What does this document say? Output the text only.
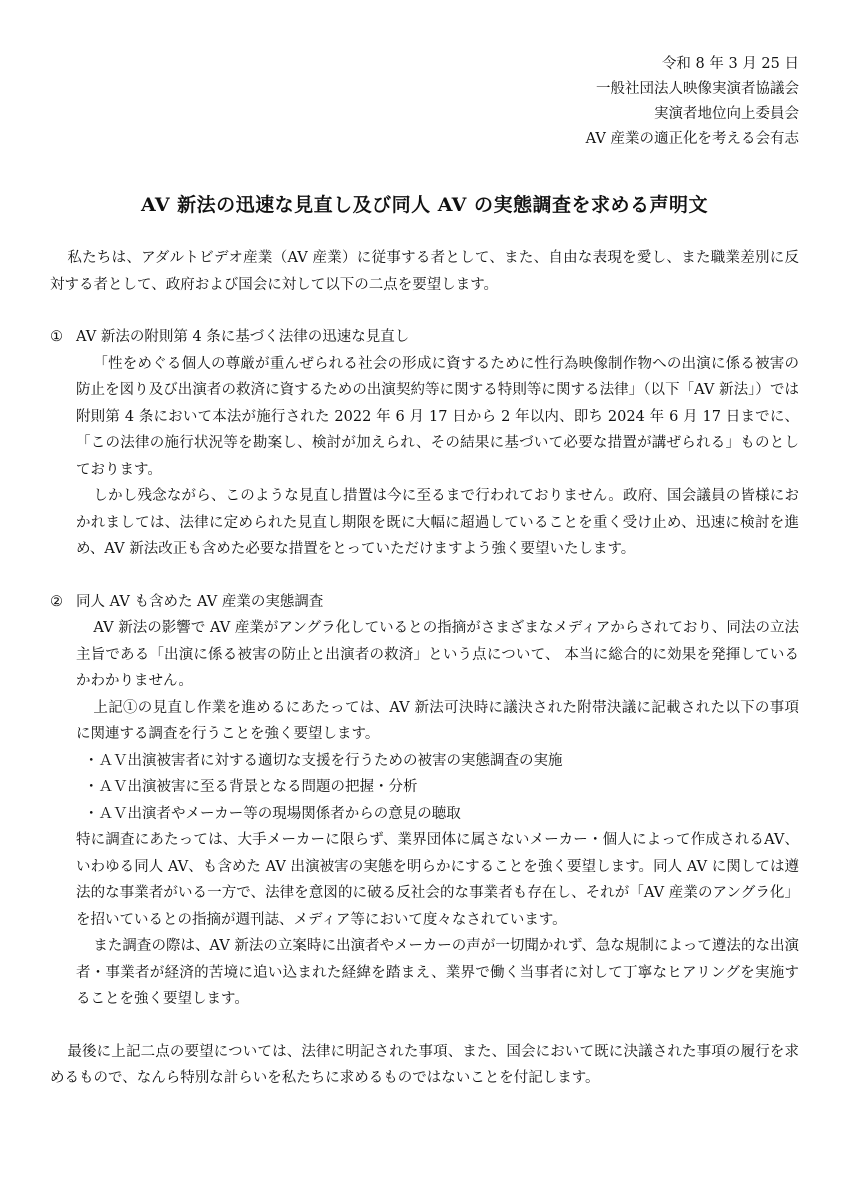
令和 8 年 3 月 25 日
一般社団法人映像実演者協議会
実演者地位向上委員会
AV 産業の適正化を考える会有志
AV 新法の迅速な見直し及び同人 AV の実態調査を求める声明文

私たちは、アダルトビデオ産業（AV 産業）に従事する者として、また、自由な表現を愛し、また職業差別に反対する者として、政府および国会に対して以下の二点を要望します。

① AV 新法の附則第 4 条に基づく法律の迅速な見直し

「性をめぐる個人の尊厳が重んぜられる社会の形成に資するために性行為映像制作物への出演に係る被害の防止を図り及び出演者の救済に資するための出演契約等に関する特則等に関する法律」（以下「AV 新法」）では附則第 4 条において本法が施行された 2022 年 6 月 17 日から 2 年以内、即ち 2024 年 6 月 17 日までに、「この法律の施行状況等を勘案し、検討が加えられ、その結果に基づいて必要な措置が講ぜられる」ものとしております。

しかし残念ながら、このような見直し措置は今に至るまで行われておりません。政府、国会議員の皆様におかれましては、法律に定められた見直し期限を既に大幅に超過していることを重く受け止め、迅速に検討を進め、AV 新法改正も含めた必要な措置をとっていただけますよう強く要望いたします。

② 同人 AV も含めた AV 産業の実態調査

AV 新法の影響で AV 産業がアングラ化しているとの指摘がさまざまなメディアからされており、同法の立法主旨である「出演に係る被害の防止と出演者の救済」という点について、 本当に総合的に効果を発揮しているかわかりません。

上記①の見直し作業を進めるにあたっては、AV 新法可決時に議決された附帯決議に記載された以下の事項に関連する調査を行うことを強く要望します。

・ＡＶ出演被害者に対する適切な支援を行うための被害の実態調査の実施
・ＡＶ出演被害に至る背景となる問題の把握・分析
・ＡＶ出演者やメーカー等の現場関係者からの意見の聴取

特に調査にあたっては、大手メーカーに限らず、業界団体に属さないメーカー・個人によって作成されるAV、いわゆる同人 AV、も含めた AV 出演被害の実態を明らかにすることを強く要望します。同人 AV に関しては遵法的な事業者がいる一方で、法律を意図的に破る反社会的な事業者も存在し、それが「AV 産業のアングラ化」を招いているとの指摘が週刊誌、メディア等において度々なされています。

また調査の際は、AV 新法の立案時に出演者やメーカーの声が一切聞かれず、急な規制によって遵法的な出演者・事業者が経済的苦境に追い込まれた経緯を踏まえ、業界で働く当事者に対して丁寧なヒアリングを実施することを強く要望します。

最後に上記二点の要望については、法律に明記された事項、また、国会において既に決議された事項の履行を求めるもので、なんら特別な計らいを私たちに求めるものではないことを付記します。
